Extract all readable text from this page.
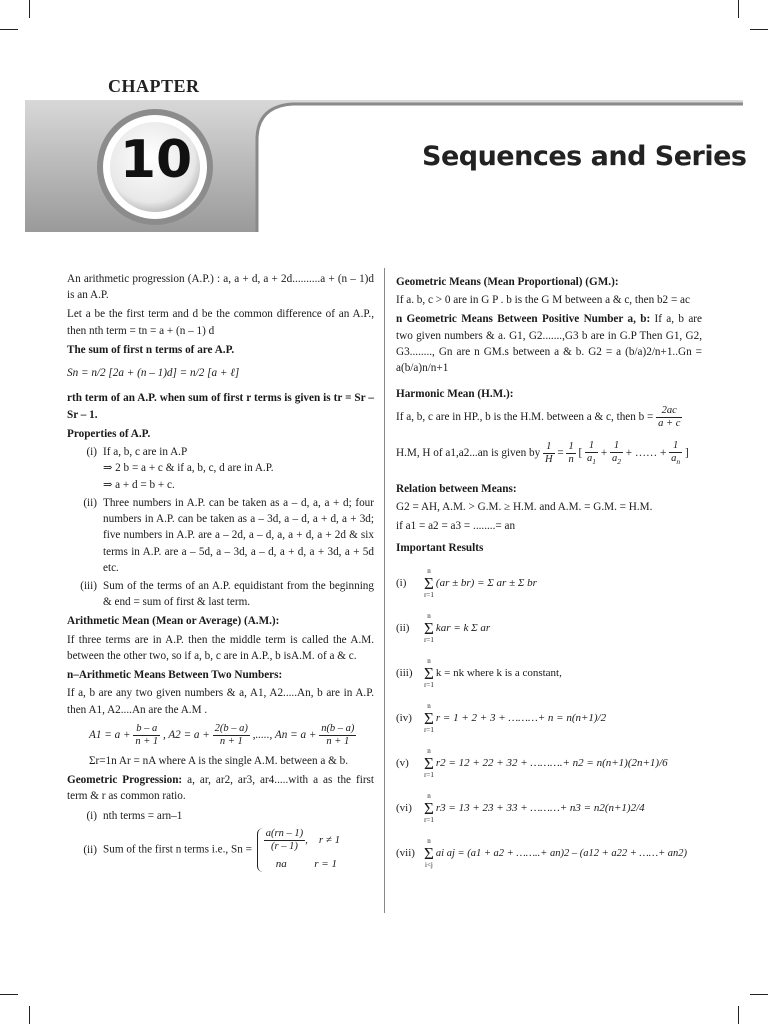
CHAPTER
10	Sequences and Series

An arithmetic progression (A.P.) : a, a + d, a + 2d..........a + (n – 1)d is an A.P.

Let a be the first term and d be the common difference of an A.P., then nth term = tn = a + (n – 1) d

The sum of first n terms of are A.P.
Sn = n/2 [2a + (n – 1)d] = n/2 [a + ℓ]

rth term of an A.P. when sum of first r terms is given is tr = Sr – Sr – 1.

Properties of A.P.
(i) If a, b, c are in A.P
⇒ 2 b = a + c & if a, b, c, d are in A.P.
⇒ a + d = b + c.
(ii) Three numbers in A.P. can be taken as a – d, a, a + d; four numbers in A.P. can be taken as a – 3d, a – d, a + d, a + 3d; five numbers in A.P. are a – 2d, a – d, a, a + d, a + 2d & six terms in A.P. are a – 5d, a – 3d, a – d, a + d, a + 3d, a + 5d etc.
(iii) Sum of the terms of an A.P. equidistant from the beginning & end = sum of first & last term.
Arithmetic Mean (Mean or Average) (A.M.):

If three terms are in A.P. then the middle term is called the A.M. between the other two, so if a, b, c are in A.P., b isA.M. of a & c.

n–Arithmetic Means Between Two Numbers:

If a, b are any two given numbers & a, A1, A2.....An, b are in A.P. then A1, A2....An are the A.M .

$A1 = a + \frac{b - a}{n + 1}$ , $A2 = a + \frac{2(b - a)}{n + 1}$ ,....., $An = a + \frac{n(b - a)}{n + 1}$

Σr=1n Ar = nA where A is the single A.M. between a & b.

Geometric Progression: a, ar, ar2, ar3, ar4.....with a as the first term & r as common ratio.

(i) nth terms = arn–1
(ii) Sum of the first n terms i.e., $Sn = \frac{a(rn - 1)}{(r - 1)}$ ,    r ≠ 1
na	r = 1
Geometric Means (Mean Proportional) (GM.):

If a. b, c > 0 are in G P . b is the G M between a & c, then b2 = ac

n Geometric Means Between Positive Number a, b: If a, b are two given numbers & a. G1, G2.......,G3 b are in G.P Then G1, G2, G3........, Gn are n GM.s between a & b. G2 = a (b/a)2/n+1..Gn = a(b/a)n/n+1

Harmonic Mean (H.M.):

If a, b, c are in HP., b is the H.M. between a & c, then $b = \frac{2ac}{a + c}$

H.M, H of a1,a2...an is given by $\frac{1}{H} = \frac{1}{n}$ [ $\frac{1}{a_1} + \frac{1}{a_2}$ + …… + $\frac{1}{a_n}$ ]

Relation between Means:

G2 = AH, A.M. > G.M. ≥ H.M. and A.M. = G.M. = H.M.

if a1 = a2 = a3 = ........= an

Important Results
(i)
n
Σ
r=1
(ar ± br) = Σ ar ± Σ br
(ii)
n
Σ
r=1
kar = k Σ ar
(iii)
n
Σ
r=1
k = nk where k is a constant,
(iv)
n
Σ
r=1
r = 1 + 2 + 3 + ………+ n = n(n+1)/2
(v)
n
Σ
r=1
r2 = 12 + 22 + 32 + ……….+ n2 = n(n+1)(2n+1)/6
(vi)
n
Σ
r=1
r3 = 13 + 23 + 33 + ………+ n3 = n2(n+1)2/4
(vii)
n
Σ
i<j
ai aj = (a1 + a2 + ……..+ an)2 – (a12 + a22 + ……+ an2)
